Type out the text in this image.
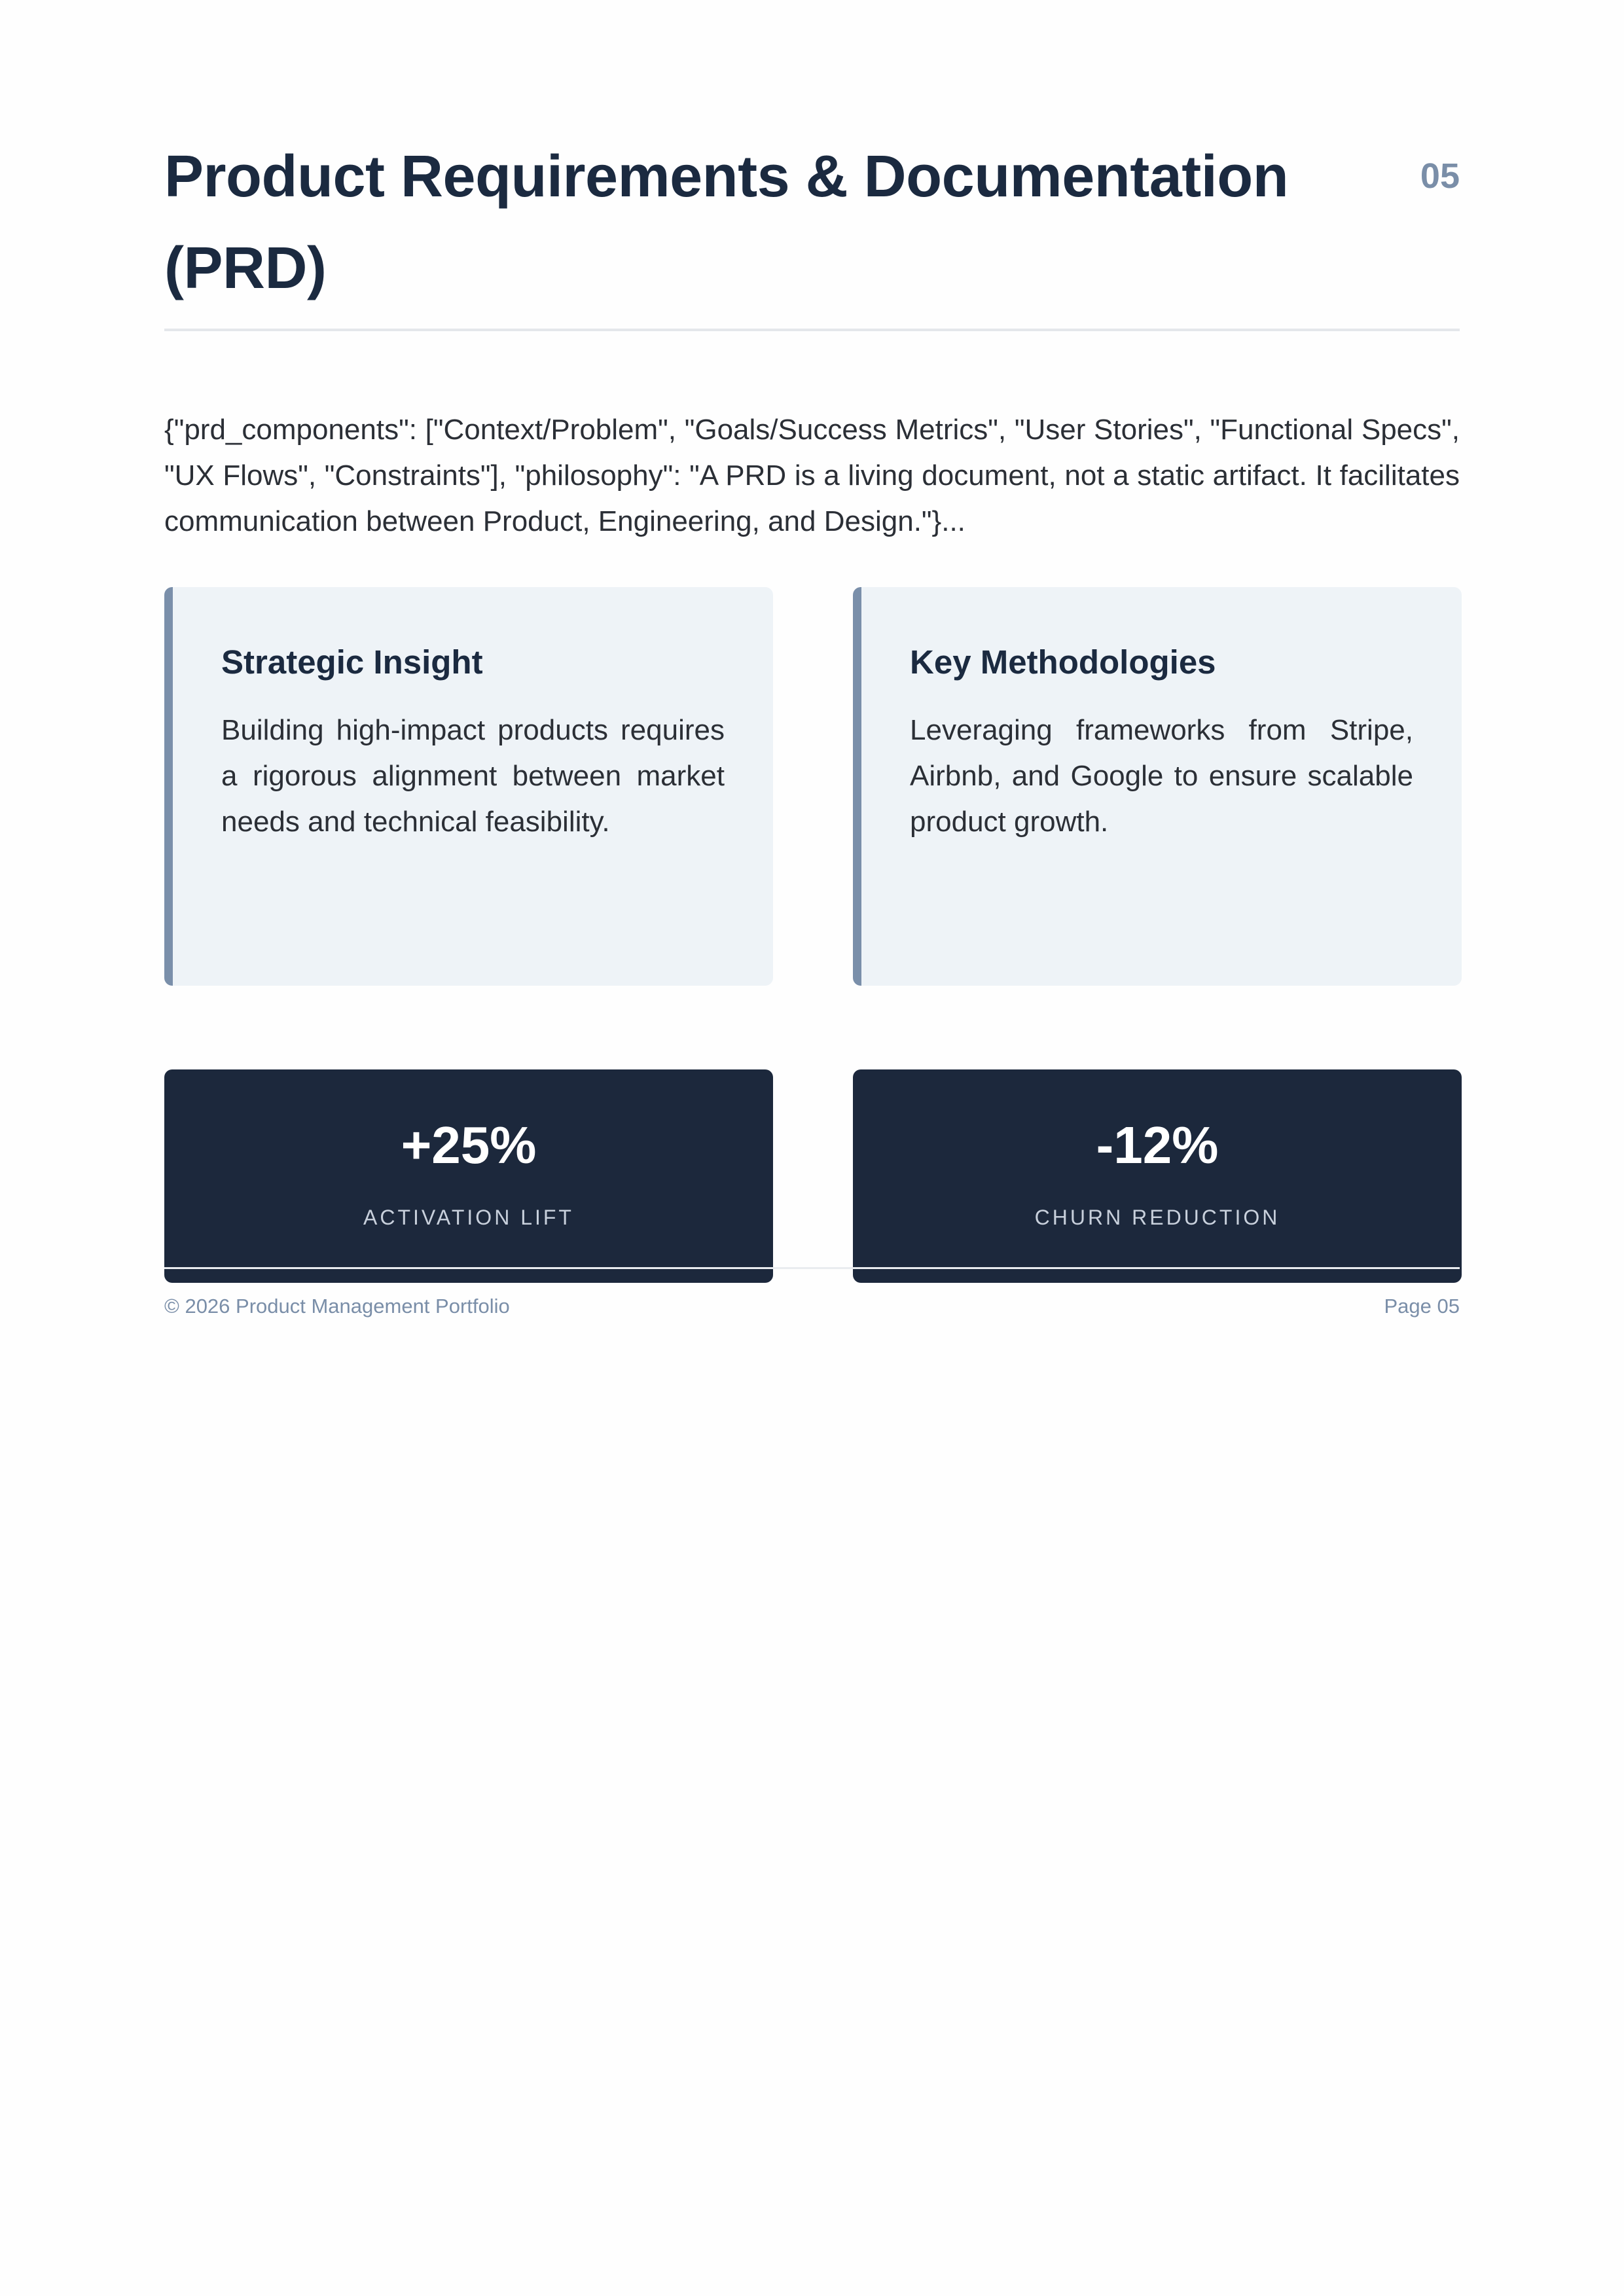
Product Requirements & Documentation (PRD)
05

{"prd_components": ["Context/Problem", "Goals/Success Metrics", "User Stories", "Functional Specs", "UX Flows", "Constraints"], "philosophy": "A PRD is a living document, not a static artifact. It facilitates communication between Product, Engineering, and Design."}...

Strategic Insight

Building high-impact products requires a rigorous alignment between market needs and technical feasibility.

Key Methodologies

Leveraging frameworks from Stripe, Airbnb, and Google to ensure scalable product growth.

+25%
ACTIVATION LIFT
-12%
CHURN REDUCTION
© 2026 Product Management Portfolio	Page 05
